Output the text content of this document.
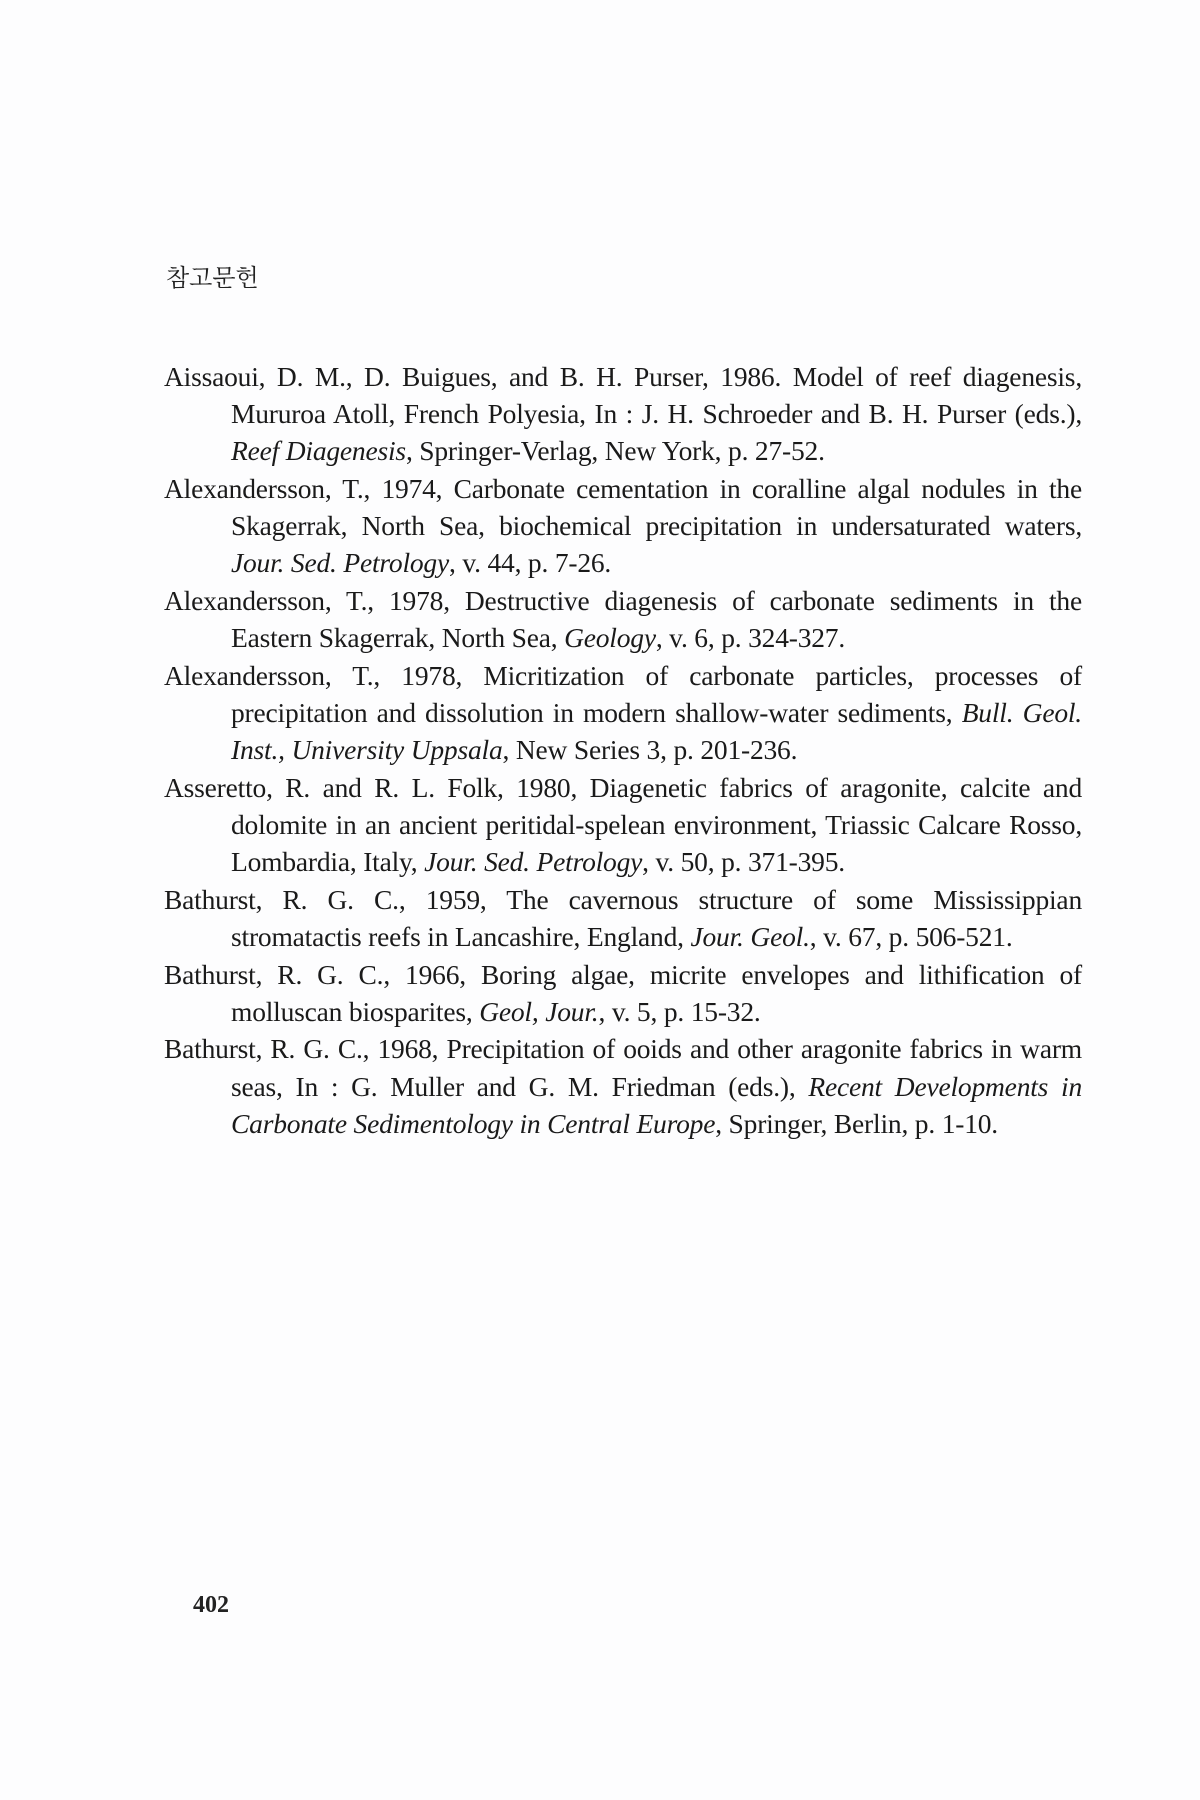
참고문헌

Aissaoui, D. M., D. Buigues, and B. H. Purser, 1986. Model of reef diagenesis, Mururoa Atoll, French Polyesia, In : J. H. Schroeder and B. H. Purser (eds.), Reef Diagenesis, Springer-Verlag, New York, p. 27-52.

Alexandersson, T., 1974, Carbonate cementation in coralline algal nodules in the Skagerrak, North Sea, biochemical precipitation in undersaturated waters, Jour. Sed. Petrology, v. 44, p. 7-26.

Alexandersson, T., 1978, Destructive diagenesis of carbonate sediments in the Eastern Skagerrak, North Sea, Geology, v. 6, p. 324-327.

Alexandersson, T., 1978, Micritization of carbonate particles, processes of precipitation and dissolution in modern shallow-water sediments, Bull. Geol. Inst., University Uppsala, New Series 3, p. 201-236.

Asseretto, R. and R. L. Folk, 1980, Diagenetic fabrics of aragonite, calcite and dolomite in an ancient peritidal-spelean environment, Triassic Calcare Rosso, Lombardia, Italy, Jour. Sed. Petrology, v. 50, p. 371-395.

Bathurst, R. G. C., 1959, The cavernous structure of some Mississippian stromatactis reefs in Lancashire, England, Jour. Geol., v. 67, p. 506-521.

Bathurst, R. G. C., 1966, Boring algae, micrite envelopes and lithification of molluscan biosparites, Geol, Jour., v. 5, p. 15-32.

Bathurst, R. G. C., 1968, Precipitation of ooids and other aragonite fabrics in warm seas, In : G. Muller and G. M. Friedman (eds.), Recent Developments in Carbonate Sedimentology in Central Europe, Springer, Berlin, p. 1-10.

402
